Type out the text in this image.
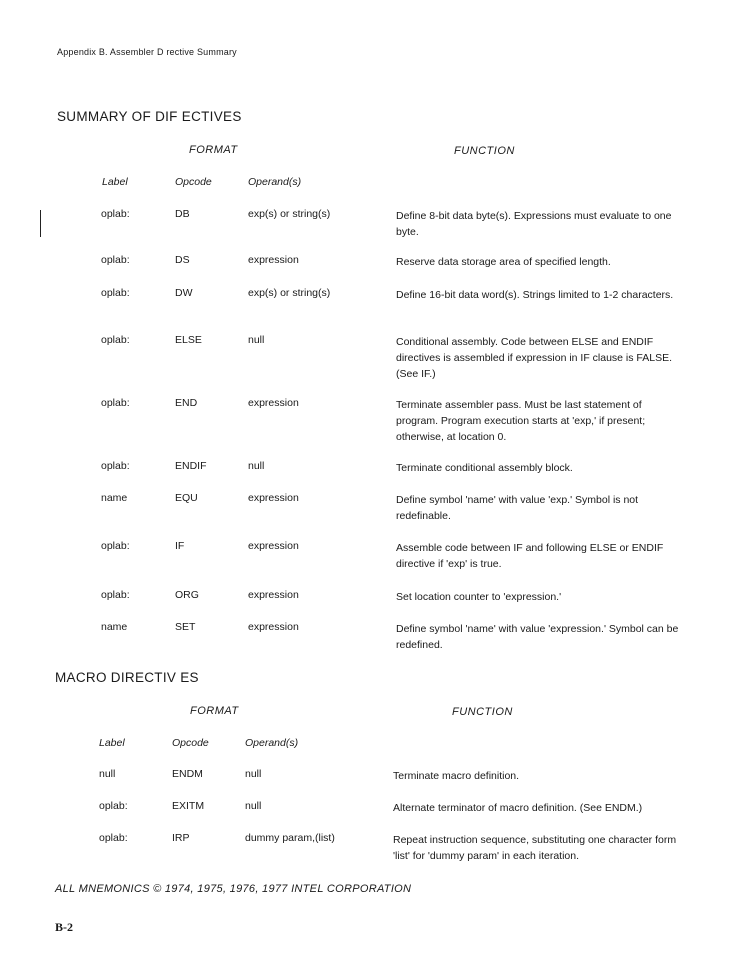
Appendix B. Assembler D rective Summary
SUMMARY OF DIF ECTIVES
FORMAT	FUNCTION
Label	Opcode	Operand(s)
oplab:	DB	exp(s) or string(s)	Define 8-bit data byte(s). Expressions must evaluate to one byte.
oplab:	DS	expression	Reserve data storage area of specified length.
oplab:	DW	exp(s) or string(s)	Define 16-bit data word(s). Strings limited to 1-2 characters.
oplab:	ELSE	null	Conditional assembly. Code between ELSE and ENDIF directives is assembled if expression in IF clause is FALSE. (See IF.)
oplab:	END	expression	Terminate assembler pass. Must be last statement of program. Program execution starts at 'exp,' if present; otherwise, at location 0.
oplab:	ENDIF	null	Terminate conditional assembly block.
name	EQU	expression	Define symbol 'name' with value 'exp.' Symbol is not redefinable.
oplab:	IF	expression	Assemble code between IF and following ELSE or ENDIF directive if 'exp' is true.
oplab:	ORG	expression	Set location counter to 'expression.'
name	SET	expression	Define symbol 'name' with value 'expression.' Symbol can be redefined.
MACRO DIRECTIV ES
FORMAT	FUNCTION
Label	Opcode	Operand(s)
null	ENDM	null	Terminate macro definition.
oplab:	EXITM	null	Alternate terminator of macro definition. (See ENDM.)
oplab:	IRP	dummy param,(list)	Repeat instruction sequence, substituting one character form 'list' for 'dummy param' in each iteration.
ALL MNEMONICS © 1974, 1975, 1976, 1977 INTEL CORPORATION
B-2
